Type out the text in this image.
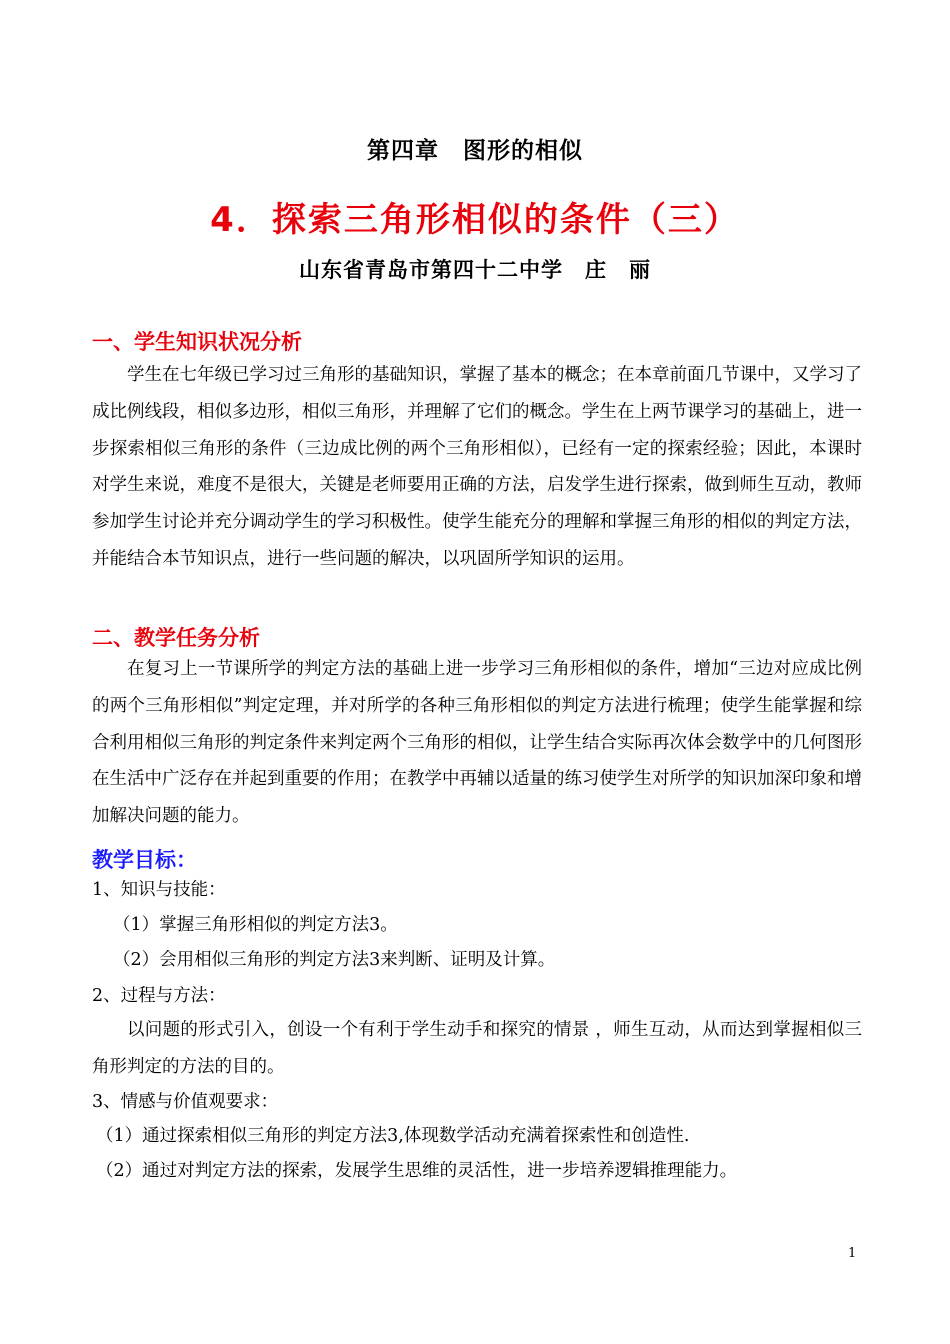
第四章　图形的相似
4．探索三角形相似的条件（三）
山东省青岛市第四十二中学　庄　丽
一、学生知识状况分析
学生在七年级已学习过三角形的基础知识，掌握了基本的概念；在本章前面几节课中，又学习了成比例线段，相似多边形，相似三角形，并理解了它们的概念。学生在上两节课学习的基础上，进一步探索相似三角形的条件（三边成比例的两个三角形相似），已经有一定的探索经验；因此，本课时对学生来说，难度不是很大，关键是老师要用正确的方法，启发学生进行探索，做到师生互动，教师参加学生讨论并充分调动学生的学习积极性。使学生能充分的理解和掌握三角形的相似的判定方法，并能结合本节知识点，进行一些问题的解决，以巩固所学知识的运用。
二、教学任务分析
在复习上一节课所学的判定方法的基础上进一步学习三角形相似的条件，增加“三边对应成比例的两个三角形相似”判定定理，并对所学的各种三角形相似的判定方法进行梳理；使学生能掌握和综合利用相似三角形的判定条件来判定两个三角形的相似，让学生结合实际再次体会数学中的几何图形在生活中广泛存在并起到重要的作用；在教学中再辅以适量的练习使学生对所学的知识加深印象和增加解决问题的能力。
教学目标：
1、知识与技能：
（1）掌握三角形相似的判定方法3。
（2）会用相似三角形的判定方法3来判断、证明及计算。
2、过程与方法：
以问题的形式引入，创设一个有利于学生动手和探究的情景 ，师生互动，从而达到掌握相似三角形判定的方法的目的。
3、情感与价值观要求：
（1）通过探索相似三角形的判定方法3,体现数学活动充满着探索性和创造性.
（2）通过对判定方法的探索，发展学生思维的灵活性，进一步培养逻辑推理能力。
1
